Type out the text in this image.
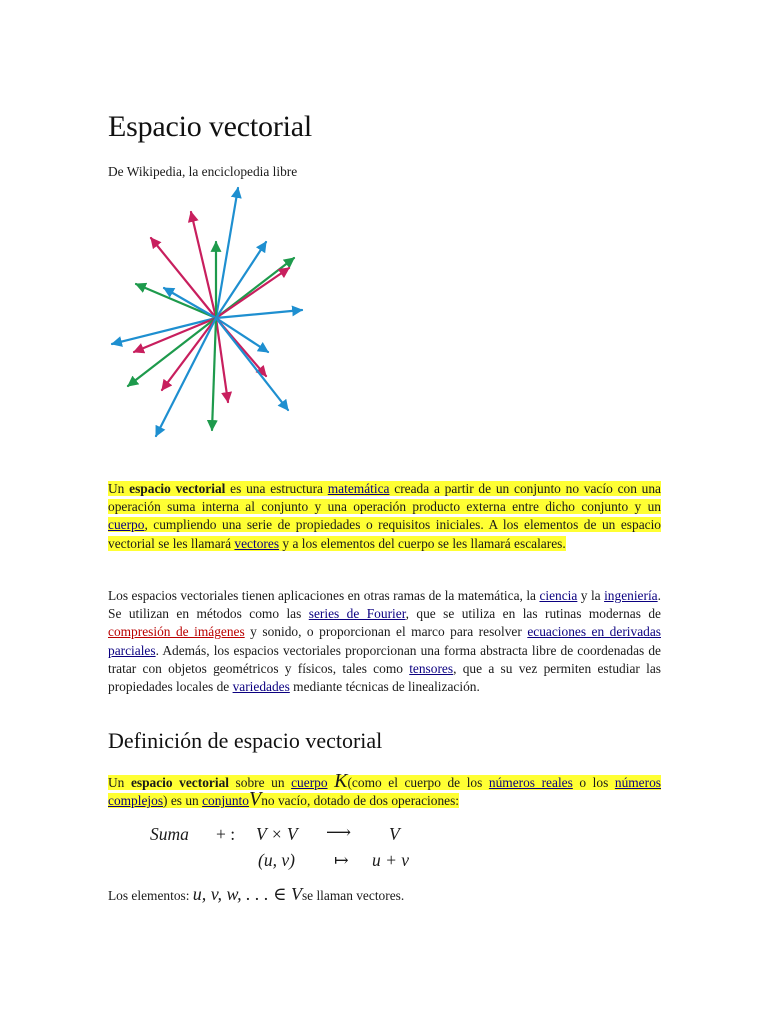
Espacio vectorial

De Wikipedia, la enciclopedia libre

Un espacio vectorial es una estructura matemática creada a partir de un conjunto no vacío con una operación suma interna al conjunto y una operación producto externa entre dicho conjunto y un cuerpo, cumpliendo una serie de propiedades o requisitos iniciales. A los elementos de un espacio vectorial se les llamará vectores y a los elementos del cuerpo se les llamará escalares.

Los espacios vectoriales tienen aplicaciones en otras ramas de la matemática, la ciencia y la ingeniería. Se utilizan en métodos como las series de Fourier, que se utiliza en las rutinas modernas de compresión de imágenes y sonido, o proporcionan el marco para resolver ecuaciones en derivadas parciales. Además, los espacios vectoriales proporcionan una forma abstracta libre de coordenadas de tratar con objetos geométricos y físicos, tales como tensores, que a su vez permiten estudiar las propiedades locales de variedades mediante técnicas de linealización.

Definición de espacio vectorial

Un espacio vectorial sobre un cuerpo K(como el cuerpo de los números reales o los números complejos) es un conjuntoVno vacío, dotado de dos operaciones:

Suma + : V × V ⟶ V
(u, v) ↦ u + v

Los elementos: u, v, w, . . . ∈ Vse llaman vectores.
